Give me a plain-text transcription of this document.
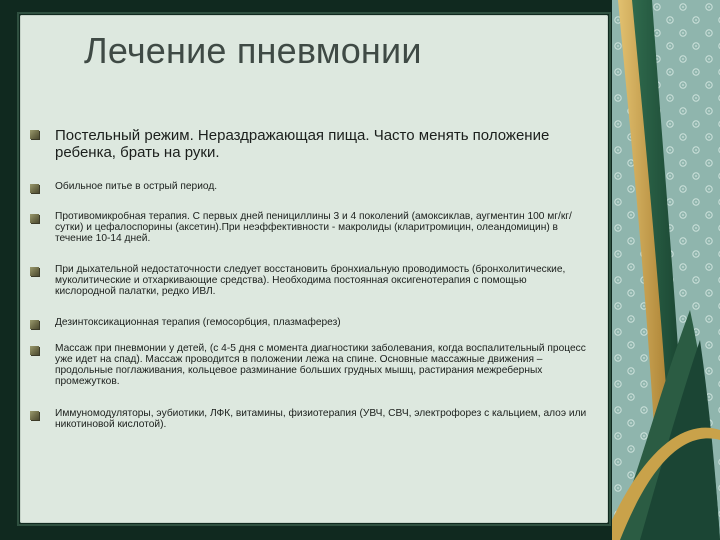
Лечение пневмонии
Постельный режим. Нераздражающая пища. Часто менять положение ребенка, брать на руки.
Обильное питье в острый период.
Противомикробная терапия. С первых дней пенициллины 3 и 4 поколений (амоксиклав, аугментин 100 мг/кг/сутки) и цефалоспорины (аксетин).При неэффективности - макролиды (кларитромицин, олеандомицин) в течение 10-14 дней.
При дыхательной недостаточности следует восстановить бронхиальную проводимость (бронхолитические, муколитические и отхаркивающие средства). Необходима постоянная оксигенотерапия с помощью кислородной палатки, редко ИВЛ.
Дезинтоксикационная терапия (гемосорбция, плазмаферез)
Массаж при пневмонии у детей, (с 4-5 дня с момента диагностики заболевания, когда воспалительный процесс уже идет на спад). Массаж проводится в положении лежа на спине. Основные массажные движения – продольные поглаживания, кольцевое разминание больших грудных мышц, растирания межреберных промежутков.
Иммуномодуляторы, эубиотики, ЛФК, витамины, физиотерапия (УВЧ, СВЧ, электрофорез с кальцием, алоэ или никотиновой кислотой).
